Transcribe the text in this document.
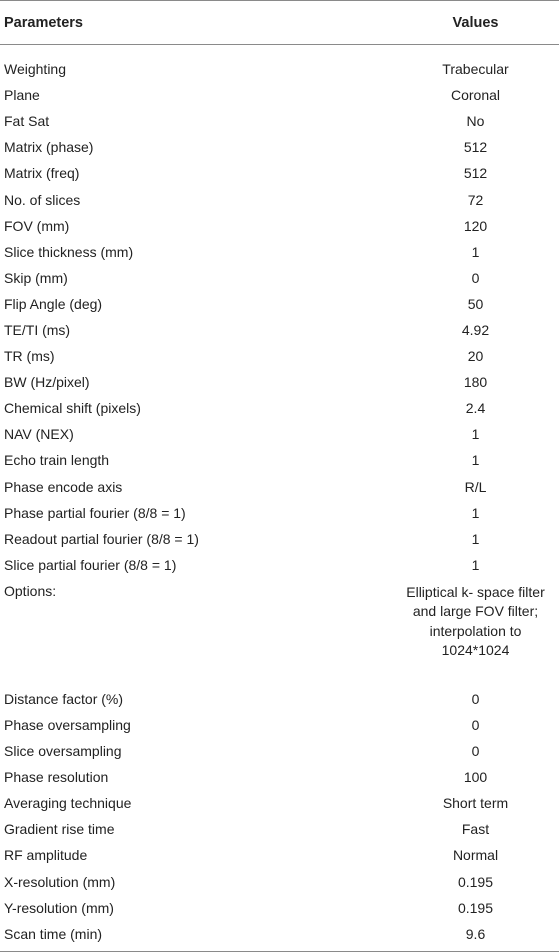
Parameters	Values

Weighting	Trabecular
Plane	Coronal
Fat Sat	No
Matrix (phase)	512
Matrix (freq)	512
No. of slices	72
FOV (mm)	120
Slice thickness (mm)	1
Skip (mm)	0
Flip Angle (deg)	50
TE/TI (ms)	4.92
TR (ms)	20
BW (Hz/pixel)	180
Chemical shift (pixels)	2.4
NAV (NEX)	1
Echo train length	1
Phase encode axis	R/L
Phase partial fourier (8/8 = 1)	1
Readout partial fourier (8/8 = 1)	1
Slice partial fourier (8/8 = 1)	1
Options:	Elliptical k- space filter
and large FOV filter;
interpolation to
1024*1024

Distance factor (%)	0
Phase oversampling	0
Slice oversampling	0
Phase resolution	100
Averaging technique	Short term
Gradient rise time	Fast
RF amplitude	Normal
X-resolution (mm)	0.195
Y-resolution (mm)	0.195
Scan time (min)	9.6
